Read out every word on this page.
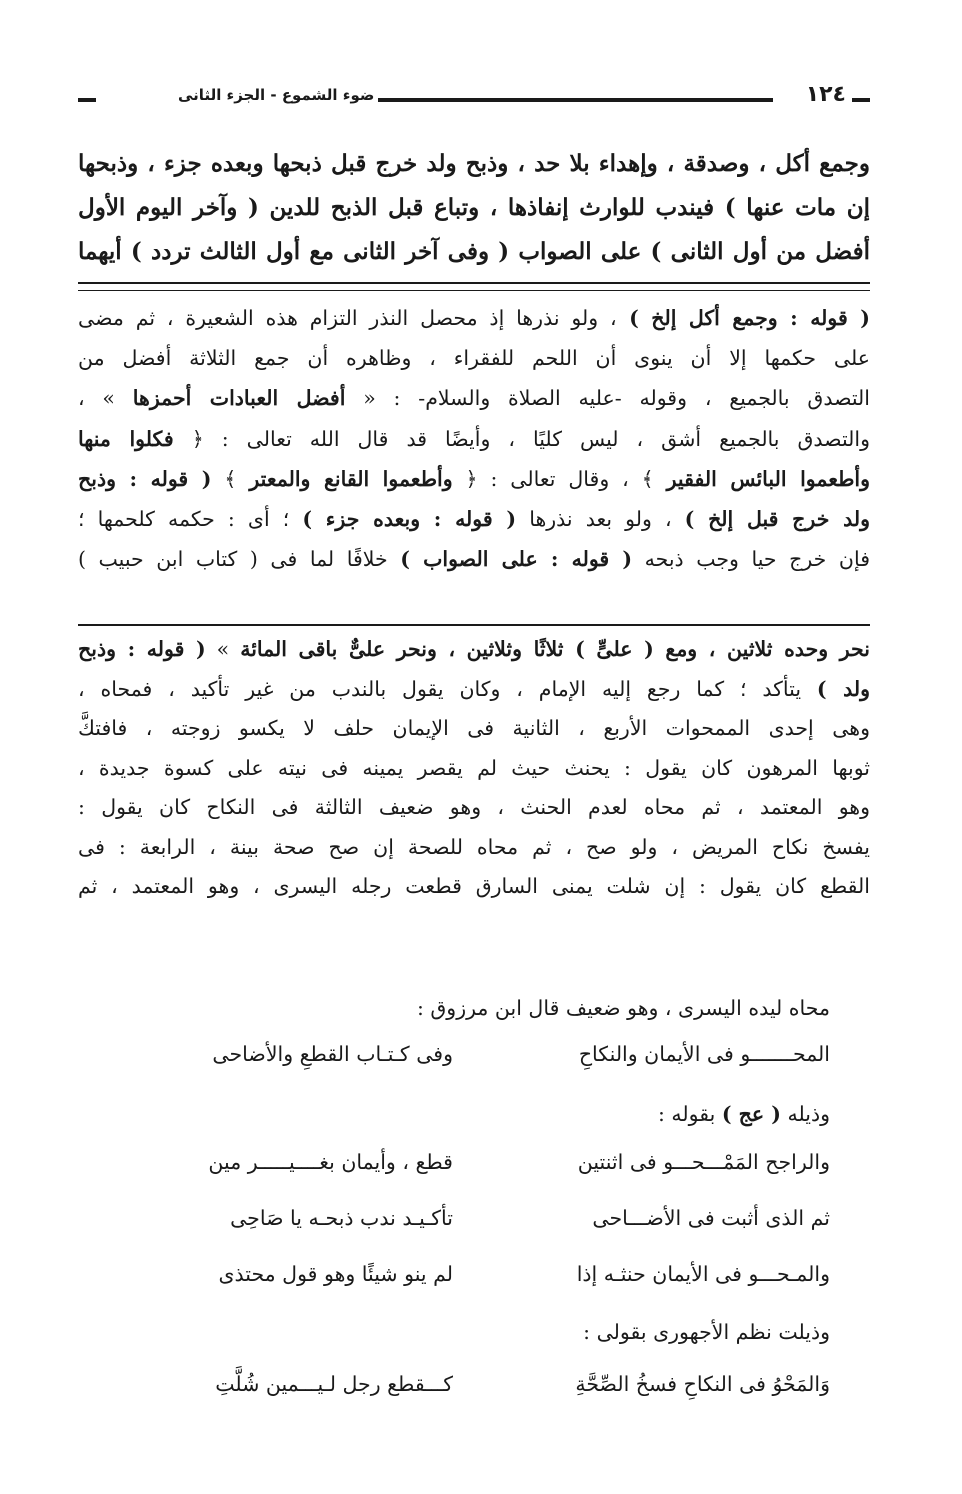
ضوء الشموع - الجزء الثانى	١٢٤
وجمع أكل ، وصدقة ، وإهداء بلا حد ، وذبح ولد خرج قبل ذبحها وبعده جزء ، وذبحها
إن مات عنها ) فيندب للوارث إنفاذها ، وتباع قبل الذبح للدين ( وآخر اليوم الأول
أفضل من أول الثانى ) على الصواب ( وفى آخر الثانى مع أول الثالث تردد ) أيهما
( قوله : وجمع أكل إلخ ) ، ولو نذرها إذ محصل النذر التزام هذه الشعيرة ، ثم مضى
على حكمها إلا أن ينوى أن اللحم للفقراء ، وظاهره أن جمع الثلاثة أفضل من
التصدق بالجميع ، وقوله -عليه الصلاة والسلام- : « أفضل العبادات أحمزها » ،
والتصدق بالجميع أشق ، ليس كليًا ، وأيضًا قد قال الله تعالى : ﴿ فكلوا منها
وأطعموا البائس الفقير ﴾ ، وقال تعالى : ﴿ وأطعموا القانع والمعتر ﴾ ( قوله : وذبح
ولد خرج قبل إلخ ) ، ولو بعد نذرها ( قوله : وبعده جزء ) ؛ أى : حكمه كلحمها ؛
فإن خرج حيا وجب ذبحه ( قوله : على الصواب ) خلافًا لما فى ( كتاب ابن حبيب )
نحر وحده ثلاثين ، ومع ( علىٍّ ) ثلاثًا وثلاثين ، ونحر علىٌّ باقى المائة » ( قوله : وذبح
ولد ) يتأكد ؛ كما رجع إليه الإمام ، وكان يقول بالندب من غير تأكيد ، فمحاه ،
وهى إحدى الممحوات الأربع ، الثانية فى الإيمان حلف لا يكسو زوجته ، فافتكَّ
ثوبها المرهون كان يقول : يحنث حيث لم يقصر يمينه فى نيته على كسوة جديدة ،
وهو المعتمد ، ثم محاه لعدم الحنث ، وهو ضعيف الثالثة فى النكاح كان يقول :
يفسخ نكاح المريض ، ولو صح ، ثم محاه للصحة إن صح صحة بينة ، الرابعة : فى
القطع كان يقول : إن شلت يمنى السارق قطعت رجله اليسرى ، وهو المعتمد ، ثم
محاه ليده اليسرى ، وهو ضعيف قال ابن مرزوق :
المحـــــــو فى الأيمان والنكاحِ
وفى كـتـاب القطعِ والأضاحى
وذيله ( عج ) بقوله :
والراجح المَمْـــحـــو فى اثنتين
قطع ، وأيمان بغــــيـــــر مين
ثم الذى أثبت فى الأضـــاحى
تأكـيـد ندب ذبحـه يا صَاحِى
والمـحـــو فى الأيمان حنثـه إذا
لم ينو شيئًا وهو قول محتذى
وذيلت نظم الأجهورى بقولى :
وَالمَحْوُ فى النكاحِ فسخُ الصِّحَّةِ
كـــقطع رجل لـيـــمين شُلَّتِ
